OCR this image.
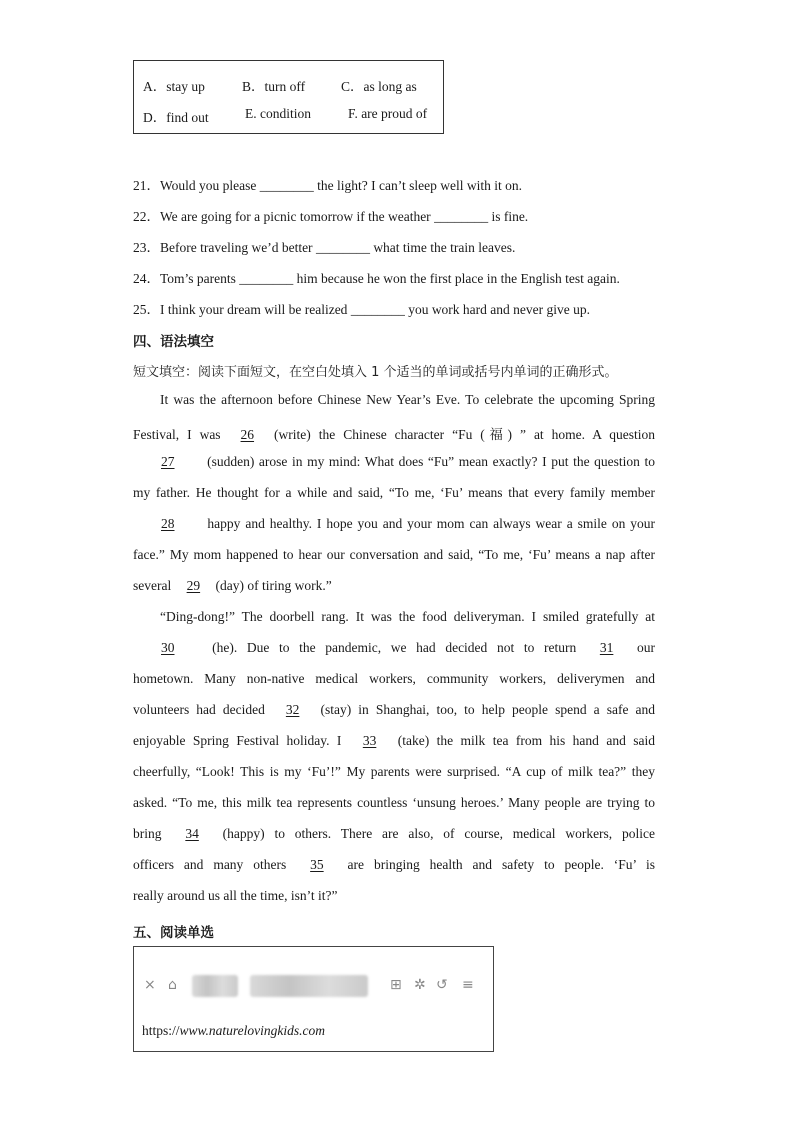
A．stay up	B．turn off	C．as long as
D．find out	E. condition	F. are proud of
21．Would you please ________ the light? I can’t sleep well with it on.
22．We are going for a picnic tomorrow if the weather ________ is fine.
23．Before traveling we’d better ________ what time the train leaves.
24．Tom’s parents ________ him because he won the first place in the English test again.
25．I think your dream will be realized ________ you work hard and never give up.
四、语法填空
短文填空：阅读下面短文，在空白处填入 1 个适当的单词或括号内单词的正确形式。
It was the afternoon before Chinese New Year’s Eve. To celebrate the upcoming Spring
Festival, I was 26 (write) the Chinese character “Fu (福) ” at home. A question
27 (sudden) arose in my mind: What does “Fu” mean exactly? I put the question to
my father. He thought for a while and said, “To me, ‘Fu’ means that every family member
28 happy and healthy. I hope you and your mom can always wear a smile on your
face.” My mom happened to hear our conversation and said, “To me, ‘Fu’ means a nap after
several 29 (day) of tiring work.”
“Ding-dong!” The doorbell rang. It was the food deliveryman. I smiled gratefully at
30 (he). Due to the pandemic, we had decided not to return 31 our
hometown. Many non-native medical workers, community workers, deliverymen and
volunteers had decided 32 (stay) in Shanghai, too, to help people spend a safe and
enjoyable Spring Festival holiday. I 33 (take) the milk tea from his hand and said
cheerfully, “Look! This is my ‘Fu’!” My parents were surprised. “A cup of milk tea?” they
asked. “To me, this milk tea represents countless ‘unsung heroes.’ Many people are trying to
bring 34 (happy) to others. There are also, of course, medical workers, police
officers and many others 35 are bringing health and safety to people. ‘Fu’ is
really around us all the time, isn’t it?”
五、阅读单选
× ⌂	⊞ ✲ ↺ ≡
https://www.naturelovingkids.com
